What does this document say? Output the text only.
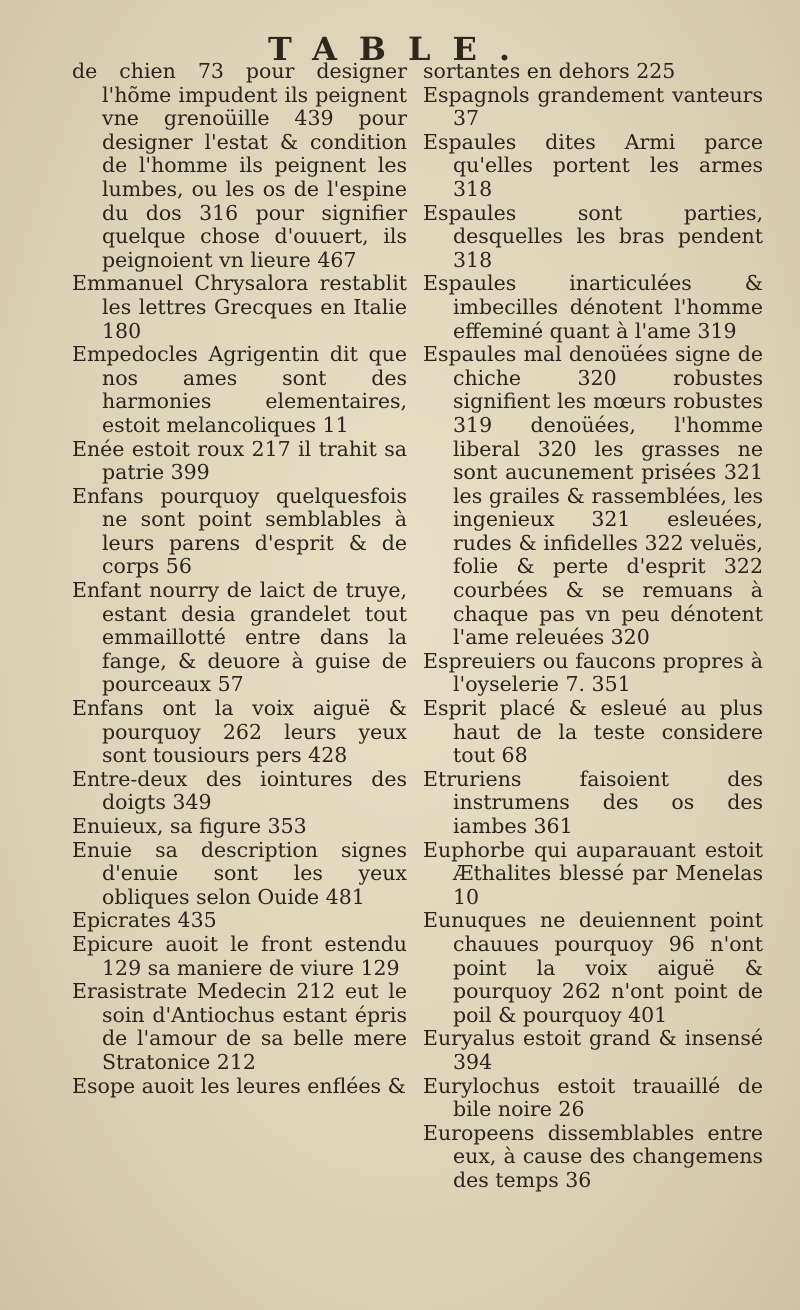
TABLE.

de chien 73 pour designer l'hõme impudent ils peignent vne grenoüille 439 pour designer l'estat & condition de l'homme ils peignent les lumbes, ou les os de l'espine du dos 316 pour signifier quelque chose d'ouuert, ils peignoient vn lieure 467

Emmanuel Chrysalora restablit les lettres Grecques en Italie 180

Empedocles Agrigentin dit que nos ames sont des harmonies elementaires, estoit melancoliques 11

Enée estoit roux 217 il trahit sa patrie 399

Enfans pourquoy quelquesfois ne sont point semblables à leurs parens d'esprit & de corps 56

Enfant nourry de laict de truye, estant desia grandelet tout emmaillotté entre dans la fange, & deuore à guise de pourceaux 57

Enfans ont la voix aiguë & pourquoy 262 leurs yeux sont tousiours pers 428

Entre-deux des iointures des doigts 349

Enuieux, sa figure 353

Enuie sa description signes d'enuie sont les yeux obliques selon Ouide 481

Epicrates 435

Epicure auoit le front estendu 129 sa maniere de viure 129

Erasistrate Medecin 212 eut le soin d'Antiochus estant épris de l'amour de sa belle mere Stratonice 212

Esope auoit les leures enflées &

sortantes en dehors 225

Espagnols grandement vanteurs 37

Espaules dites Armi parce qu'elles portent les armes 318

Espaules sont parties, desquelles les bras pendent 318

Espaules inarticulées & imbecilles dénotent l'homme effeminé quant à l'ame 319

Espaules mal denoüées signe de chiche 320 robustes signifient les mœurs robustes 319 denoüées, l'homme liberal 320 les grasses ne sont aucunement prisées 321 les grailes & rassemblées, les ingenieux 321 esleuées, rudes & infidelles 322 veluës, folie & perte d'esprit 322 courbées & se remuans à chaque pas vn peu dénotent l'ame releuées 320

Espreuiers ou faucons propres à l'oyselerie 7. 351

Esprit placé & esleué au plus haut de la teste considere tout 68

Etruriens faisoient des instrumens des os des iambes 361

Euphorbe qui auparauant estoit Æthalites blessé par Menelas 10

Eunuques ne deuiennent point chauues pourquoy 96 n'ont point la voix aiguë & pourquoy 262 n'ont point de poil & pourquoy 401

Euryalus estoit grand & insensé 394

Eurylochus estoit trauaillé de bile noire 26

Europeens dissemblables entre eux, à cause des changemens des temps 36
